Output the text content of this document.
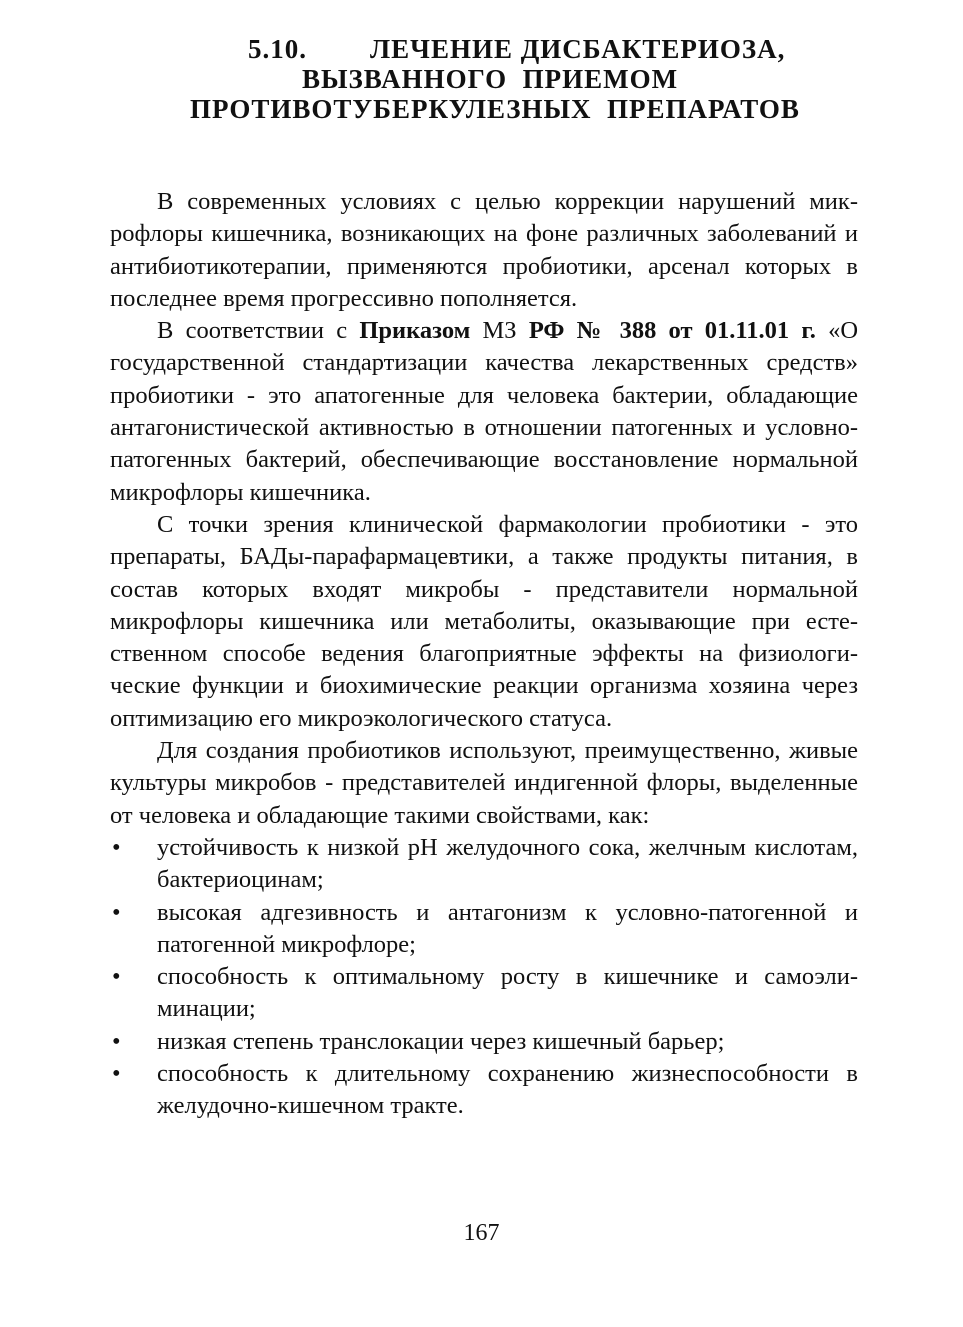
5.10. ЛЕЧЕНИЕ ДИСБАКТЕРИОЗА,
ВЫЗВАННОГО  ПРИЕМОМ
ПРОТИВОТУБЕРКУЛЕЗНЫХ  ПРЕПАРАТОВ

В современных условиях с целью коррекции нарушений микрофлоры кишечника, возникающих на фоне различных заболеваний и антибиотикотерапии, применяются пробиотики, арсенал которых в последнее время прогрессивно пополняется.

В соответствии с Приказом МЗ РФ № 388 от 01.11.01 г. «О государственной стандартизации качества лекарственных средств» пробиотики - это апатогенные для человека бактерии, обладающие антагонистической активностью в отношении патогенных и условно-патогенных бактерий, обеспечивающие восстановление нормальной микрофлоры кишечника.

С точки зрения клинической фармакологии пробиотики - это препараты, БАДы-парафармацевтики, а также продукты питания, в состав которых входят микробы - представители нормальной микрофлоры кишечника или метаболиты, оказывающие при естественном способе ведения благоприятные эффекты на физиологические функции и биохимические реакции организма хозяина через оптимизацию его микроэкологического статуса.

Для создания пробиотиков используют, преимущественно, живые культуры микробов - представителей индигенной флоры, выделенные от человека и обладающие такими свойствами, как:

•	устойчивость к низкой pH желудочного сока, желчным кислотам, бактериоцинам;
•	высокая адгезивность и антагонизм к условно-патогенной и патогенной микрофлоре;
•	способность к оптимальному росту в кишечнике и самоэлиминации;
•	низкая степень транслокации через кишечный барьер;
•	способность к длительному сохранению жизнеспособности в желудочно-кишечном тракте.
167
